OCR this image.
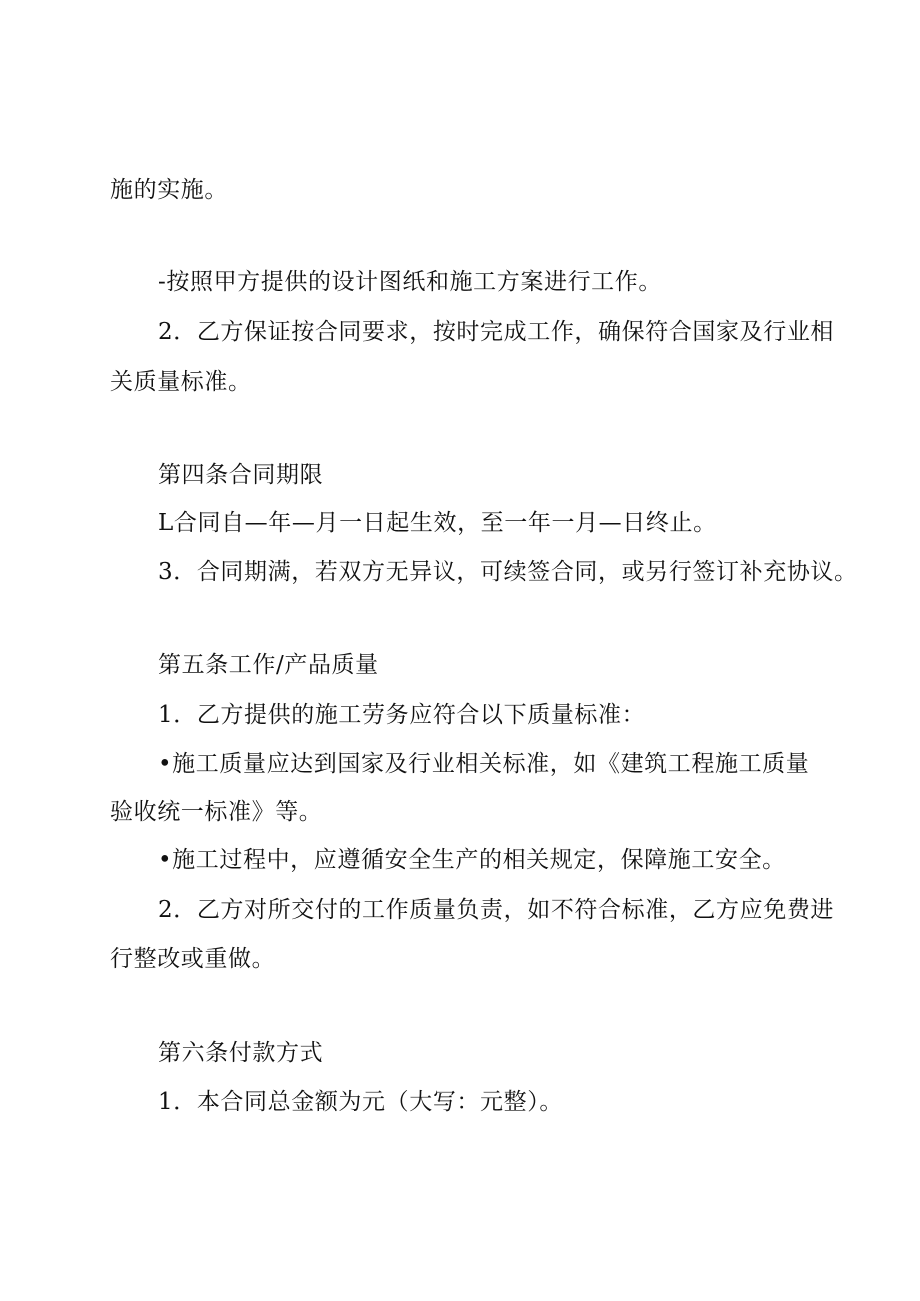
施的实施。
-按照甲方提供的设计图纸和施工方案进行工作。
2．乙方保证按合同要求，按时完成工作，确保符合国家及行业相
关质量标准。
第四条合同期限
L合同自—年—月一日起生效，至一年一月—日终止。
3．合同期满，若双方无异议，可续签合同，或另行签订补充协议。
第五条工作/产品质量
1．乙方提供的施工劳务应符合以下质量标准：
•施工质量应达到国家及行业相关标准，如《建筑工程施工质量
验收统一标准》等。
•施工过程中，应遵循安全生产的相关规定，保障施工安全。
2．乙方对所交付的工作质量负责，如不符合标准，乙方应免费进
行整改或重做。
第六条付款方式
1．本合同总金额为元（大写：元整）。
